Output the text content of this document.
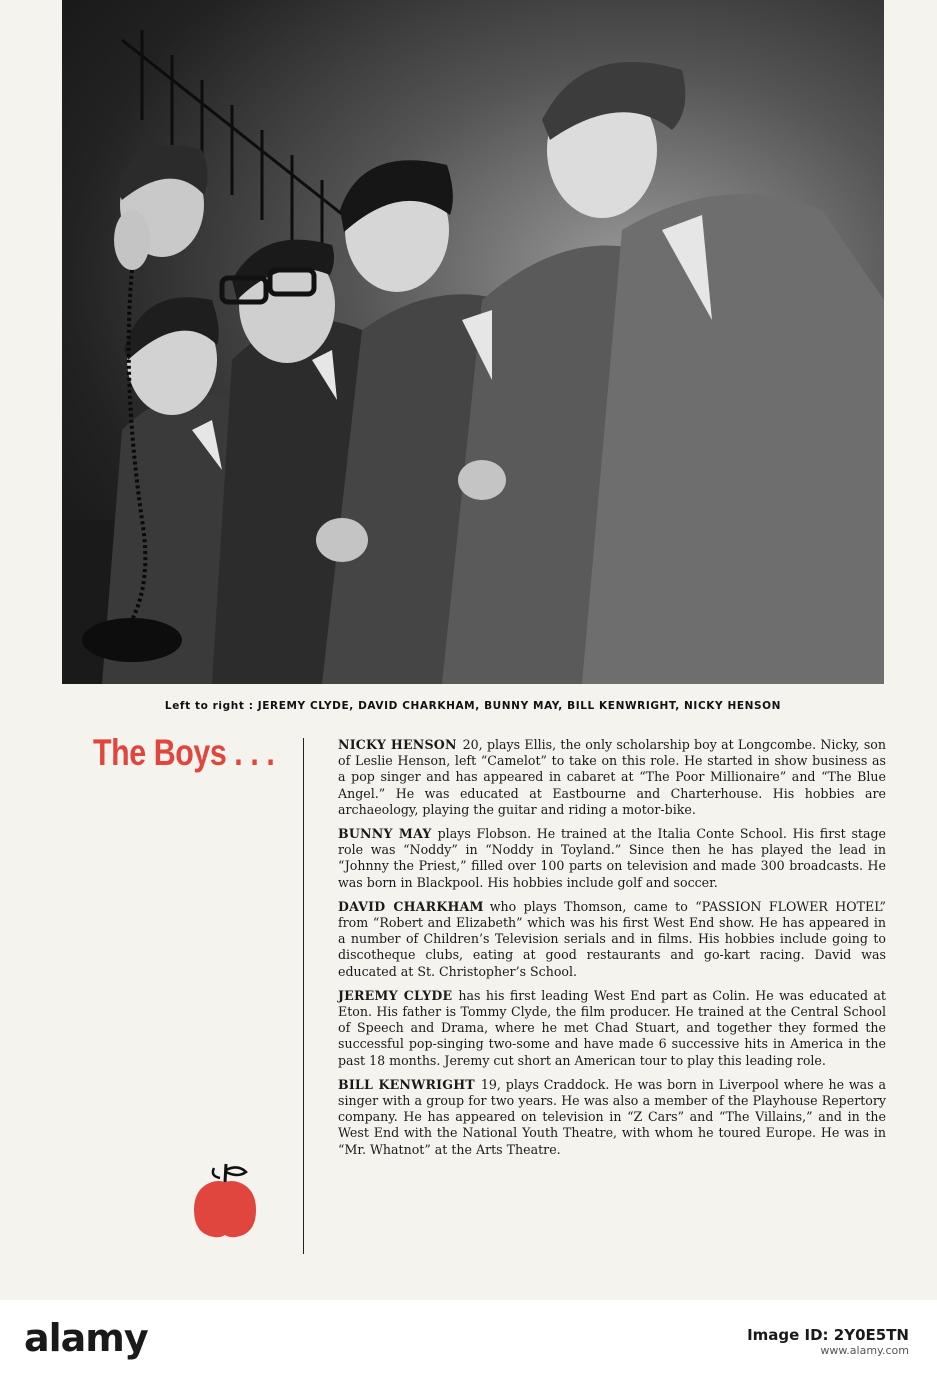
Left to right : JEREMY CLYDE, DAVID CHARKHAM, BUNNY MAY, BILL KENWRIGHT, NICKY HENSON
The Boys . . .	NICKY HENSON 20, plays Ellis, the only scholarship boy at Longcombe. Nicky, son of Leslie Henson, left “Camelot” to take on this role. He started in show business as a pop singer and has appeared in cabaret at “The Poor Millionaire” and “The Blue Angel.” He was educated at Eastbourne and Charterhouse. His hobbies are archaeology, playing the guitar and riding a motor-bike.

BUNNY MAY plays Flobson. He trained at the Italia Conte School. His first stage role was “Noddy” in “Noddy in Toyland.” Since then he has played the lead in “Johnny the Priest,” filled over 100 parts on television and made 300 broadcasts. He was born in Blackpool. His hobbies include golf and soccer.

DAVID CHARKHAM who plays Thomson, came to “PASSION FLOWER HOTEL” from “Robert and Elizabeth” which was his first West End show. He has appeared in a number of Children’s Television serials and in films. His hobbies include going to discotheque clubs, eating at good restaurants and go-kart racing. David was educated at St. Christopher’s School.

JEREMY CLYDE has his first leading West End part as Colin. He was educated at Eton. His father is Tommy Clyde, the film producer. He trained at the Central School of Speech and Drama, where he met Chad Stuart, and together they formed the successful pop-singing two-some and have made 6 successive hits in America in the past 18 months. Jeremy cut short an American tour to play this leading role.

BILL KENWRIGHT 19, plays Craddock. He was born in Liverpool where he was a singer with a group for two years. He was also a member of the Playhouse Repertory company. He has appeared on television in “Z Cars” and “The Villains,” and in the West End with the National Youth Theatre, with whom he toured Europe. He was in “Mr. Whatnot” at the Arts Theatre.

alamy	Image ID: 2Y0E5TN
www.alamy.com
